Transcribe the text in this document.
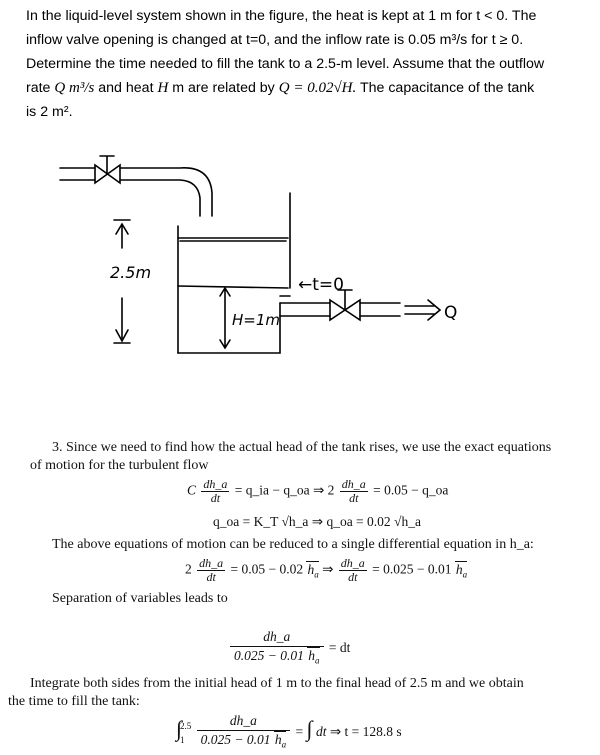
In the liquid-level system shown in the figure, the heat is kept at 1 m for t < 0. The
inflow valve opening is changed at t=0, and the inflow rate is 0.05 m³/s for t ≥ 0.
Determine the time needed to fill the tank to a 2.5-m level. Assume that the outflow
rate Q m³/s and heat H m are related by Q = 0.02√H. The capacitance of the tank
is 2 m².
2.5m
H=1m
←t=0
Q
3. Since we need to find how the actual head of the tank rises, we use the exact equations
of motion for the turbulent flow
C $\frac{dh\_a}{dt}$ = q_ia − q_oa ⇒ $2 \frac{dh\_a}{dt} = 0.05$ − q_oa
q_oa = K_T √h_a ⇒ q_oa = 0.02 √h_a
The above equations of motion can be reduced to a single differential equation in h_a:
$2 \frac{dh\_a}{dt} = 0.05 - 0.02$ $h_a$ ⇒ $\frac{dh\_a}{dt} = 0.025 - 0.01$ $h_a$
Separation of variables leads to
$\frac{dh\_a}{0.025 - 0.01 h_a}$ = dt
Integrate both sides from the initial head of 1 m to the final head of 2.5 m and we obtain
the time to fill the tank:
∫
2.5
1
$\frac{dh\_a}{0.025 - 0.01 h_a}$ = ∫ dt ⇒ t = 128.8 s
